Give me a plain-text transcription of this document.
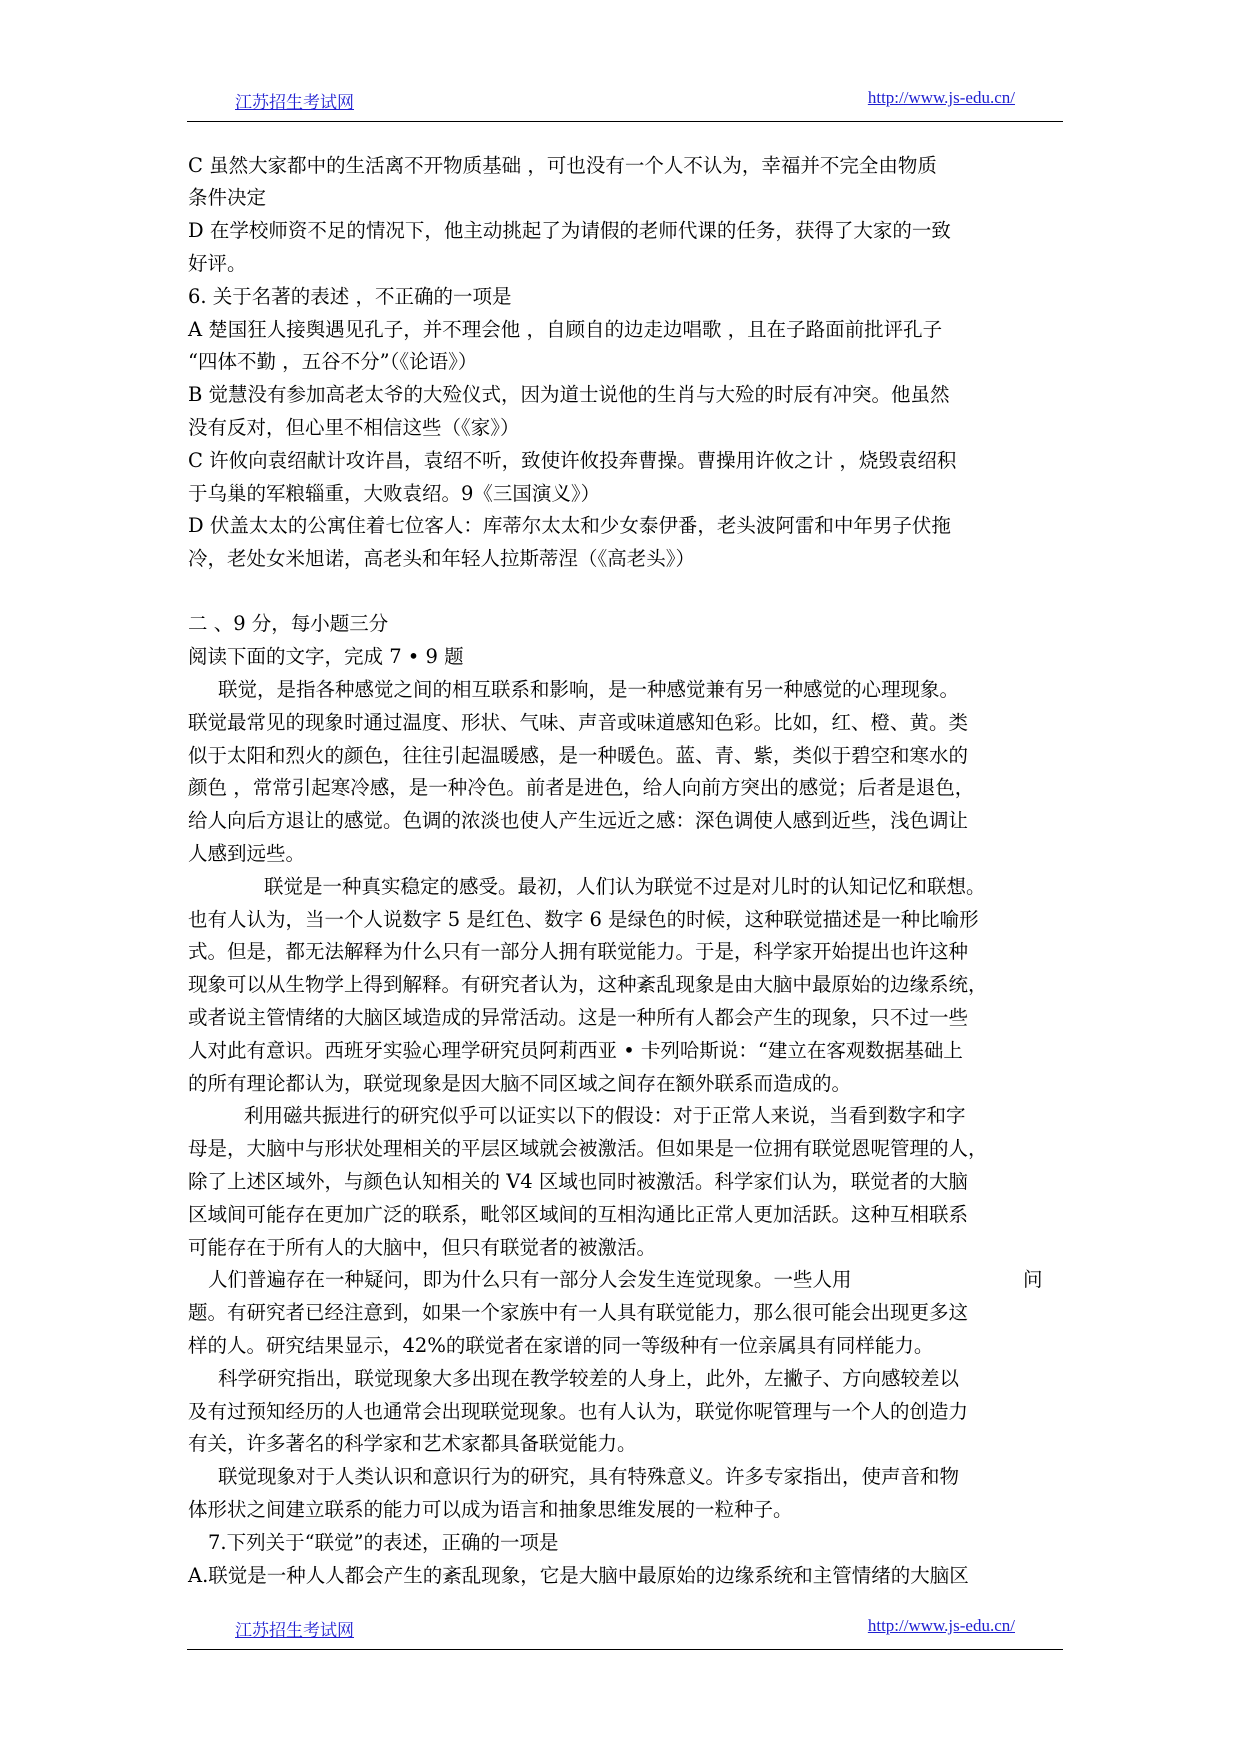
江苏招生考试网	http://www.js-edu.cn/
C 虽然大家都中的生活离不开物质基础 ，可也没有一个人不认为，幸福并不完全由物质
条件决定
D 在学校师资不足的情况下，他主动挑起了为请假的老师代课的任务，获得了大家的一致
好评。
6. 关于名著的表述 ，不正确的一项是
A 楚国狂人接舆遇见孔子，并不理会他 ，自顾自的边走边唱歌 ，且在子路面前批评孔子
“四体不勤 ，五谷不分”（《论语》）
B 觉慧没有参加高老太爷的大殓仪式，因为道士说他的生肖与大殓的时辰有冲突。他虽然
没有反对，但心里不相信这些（《家》）
C 许攸向袁绍献计攻许昌，袁绍不听，致使许攸投奔曹操。曹操用许攸之计 ，烧毁袁绍积
于乌巢的军粮辎重，大败袁绍。9《三国演义》）
D 伏盖太太的公寓住着七位客人：库蒂尔太太和少女泰伊番，老头波阿雷和中年男子伏拖
冷，老处女米旭诺，高老头和年轻人拉斯蒂涅（《高老头》）
二 、9 分，每小题三分
阅读下面的文字，完成 7 • 9 题
联觉，是指各种感觉之间的相互联系和影响，是一种感觉兼有另一种感觉的心理现象。
联觉最常见的现象时通过温度、形状、气味、声音或味道感知色彩。比如，红、橙、黄。类
似于太阳和烈火的颜色，往往引起温暖感，是一种暖色。蓝、青、紫，类似于碧空和寒水的
颜色 ，常常引起寒冷感，是一种冷色。前者是进色，给人向前方突出的感觉；后者是退色，
给人向后方退让的感觉。色调的浓淡也使人产生远近之感：深色调使人感到近些，浅色调让
人感到远些。
联觉是一种真实稳定的感受。最初，人们认为联觉不过是对儿时的认知记忆和联想。
也有人认为，当一个人说数字 5 是红色、数字 6 是绿色的时候，这种联觉描述是一种比喻形
式。但是，都无法解释为什么只有一部分人拥有联觉能力。于是，科学家开始提出也许这种
现象可以从生物学上得到解释。有研究者认为，这种紊乱现象是由大脑中最原始的边缘系统，
或者说主管情绪的大脑区域造成的异常活动。这是一种所有人都会产生的现象，只不过一些
人对此有意识。西班牙实验心理学研究员阿莉西亚 • 卡列哈斯说：“建立在客观数据基础上
的所有理论都认为，联觉现象是因大脑不同区域之间存在额外联系而造成的。
利用磁共振进行的研究似乎可以证实以下的假设：对于正常人来说，当看到数字和字
母是，大脑中与形状处理相关的平层区域就会被激活。但如果是一位拥有联觉恩呢管理的人，
除了上述区域外，与颜色认知相关的 V4 区域也同时被激活。科学家们认为，联觉者的大脑
区域间可能存在更加广泛的联系，毗邻区域间的互相沟通比正常人更加活跃。这种互相联系
可能存在于所有人的大脑中，但只有联觉者的被激活。
人们普遍存在一种疑问，即为什么只有一部分人会发生连觉现象。一些人用	问
题。有研究者已经注意到，如果一个家族中有一人具有联觉能力，那么很可能会出现更多这
样的人。研究结果显示，42%的联觉者在家谱的同一等级种有一位亲属具有同样能力。
科学研究指出，联觉现象大多出现在教学较差的人身上，此外，左撇子、方向感较差以
及有过预知经历的人也通常会出现联觉现象。也有人认为，联觉你呢管理与一个人的创造力
有关，许多著名的科学家和艺术家都具备联觉能力。
联觉现象对于人类认识和意识行为的研究，具有特殊意义。许多专家指出，使声音和物
体形状之间建立联系的能力可以成为语言和抽象思维发展的一粒种子。
7.下列关于“联觉”的表述，正确的一项是
A.联觉是一种人人都会产生的紊乱现象，它是大脑中最原始的边缘系统和主管情绪的大脑区
江苏招生考试网	http://www.js-edu.cn/
